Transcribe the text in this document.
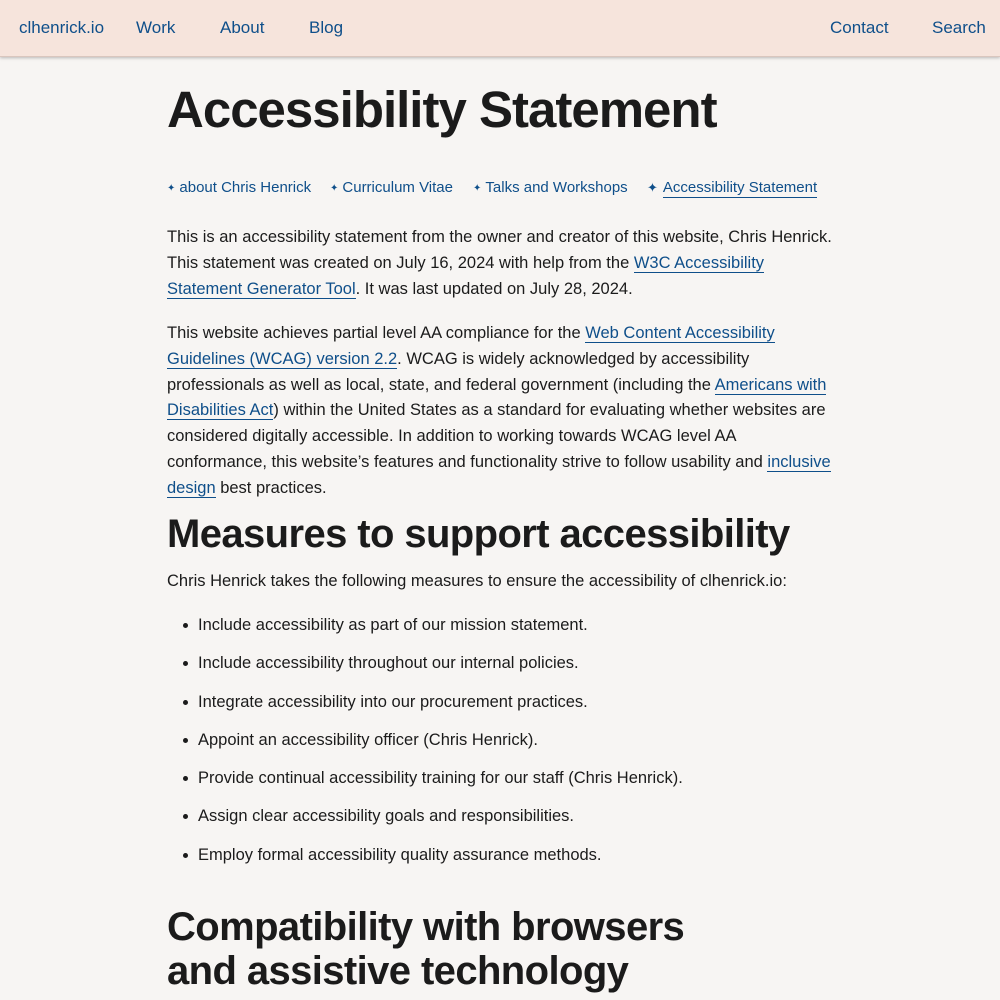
clhenrick.io Work	About	Blog	Contact	Search
Accessibility Statement
✦ about Chris Henrick ✦ Curriculum Vitae ✦ Talks and Workshops ✦ Accessibility Statement

This is an accessibility statement from the owner and creator of this website, Chris Henrick. This statement was created on July 16, 2024 with help from the W3C Accessibility Statement Generator Tool. It was last updated on July 28, 2024.

This website achieves partial level AA compliance for the Web Content Accessibility Guidelines (WCAG) version 2.2. WCAG is widely acknowledged by accessibility professionals as well as local, state, and federal government (including the Americans with Disabilities Act) within the United States as a standard for evaluating whether websites are considered digitally accessible. In addition to working towards WCAG level AA conformance, this website’s features and functionality strive to follow usability and inclusive design best practices.

Measures to support accessibility

Chris Henrick takes the following measures to ensure the accessibility of clhenrick.io:

Include accessibility as part of our mission statement.
Include accessibility throughout our internal policies.
Integrate accessibility into our procurement practices.
Appoint an accessibility officer (Chris Henrick).
Provide continual accessibility training for our staff (Chris Henrick).
Assign clear accessibility goals and responsibilities.
Employ formal accessibility quality assurance methods.
Compatibility with browsers
and assistive technology
